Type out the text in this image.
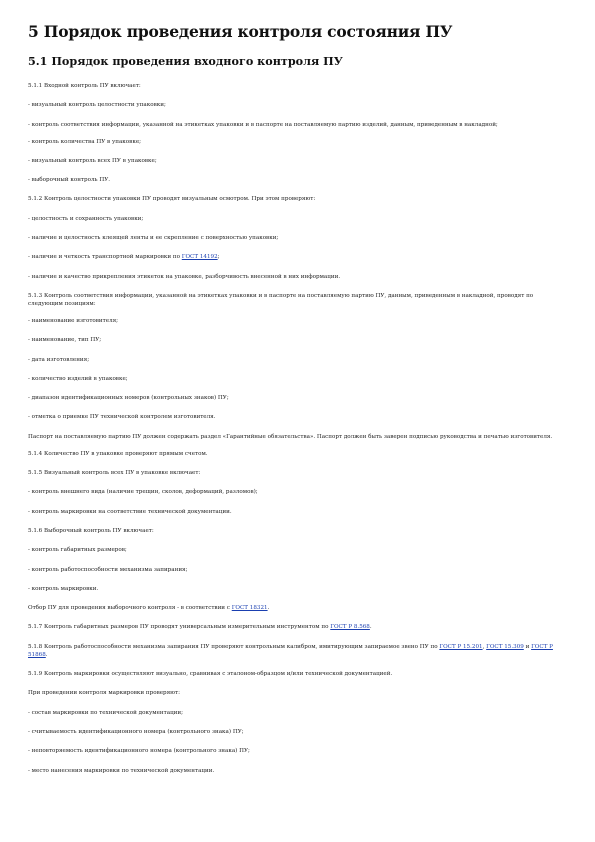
5 Порядок проведения контроля состояния ПУ
5.1 Порядок проведения входного контроля ПУ

5.1.1 Входной контроль ПУ включает:

- визуальный контроль целостности упаковки;

- контроль соответствия информации, указанной на этикетках упаковки и в паспорте на поставляемую партию изделий, данным, приведенным в накладной;

- контроль количества ПУ в упаковке;

- визуальный контроль всех ПУ в упаковке;

- выборочный контроль ПУ.

5.1.2 Контроль целостности упаковки ПУ проводят визуальным осмотром. При этом проверяют:

- целостность и сохранность упаковки;

- наличие и целостность клеящей ленты и ее скрепление с поверхностью упаковки;

- наличие и четкость транспортной маркировки по ГОСТ 14192;

- наличие и качество прикрепления этикеток на упаковке, разборчивость внесенной в них информации.

5.1.3 Контроль соответствия информации, указанной на этикетках упаковки и в паспорте на поставляемую партию ПУ, данным, приведенным в накладной, проводят по следующим позициям:

- наименование изготовителя;

- наименование, тип ПУ;

- дата изготовления;

- количество изделий в упаковке;

- диапазон идентификационных номеров (контрольных знаков) ПУ;

- отметка о приемке ПУ технической контролем изготовителя.

Паспорт на поставляемую партию ПУ должен содержать раздел «Гарантийные обязательства». Паспорт должен быть заверен подписью руководства и печатью изготовителя.

5.1.4 Количество ПУ в упаковке проверяют прямым счетом.

5.1.5 Визуальный контроль всех ПУ в упаковке включает:

- контроль внешнего вида (наличие трещин, сколов, деформаций, разломов);

- контроль маркировки на соответствие технической документации.

5.1.6 Выборочный контроль ПУ включает:

- контроль габаритных размеров;

- контроль работоспособности механизма запирания;

- контроль маркировки.

Отбор ПУ для проведения выборочного контроля - в соответствии с ГОСТ 18321.

5.1.7 Контроль габаритных размеров ПУ проводят универсальным измерительным инструментом по ГОСТ Р 8.568.

5.1.8 Контроль работоспособности механизма запирания ПУ проверяют контрольным калибром, имитирующим запираемое звено ПУ по ГОСТ Р 15.201, ГОСТ 15.309 и ГОСТ Р 51868.

5.1.9 Контроль маркировки осуществляют визуально, сравнивая с эталоном-образцом и/или технической документацией.

При проведении контроля маркировки проверяют:

- состав маркировки по технической документации;

- считываемость идентификационного номера (контрольного знака) ПУ;

- неповторяемость идентификационного номера (контрольного знака) ПУ;

- место нанесения маркировки по технической документации.
